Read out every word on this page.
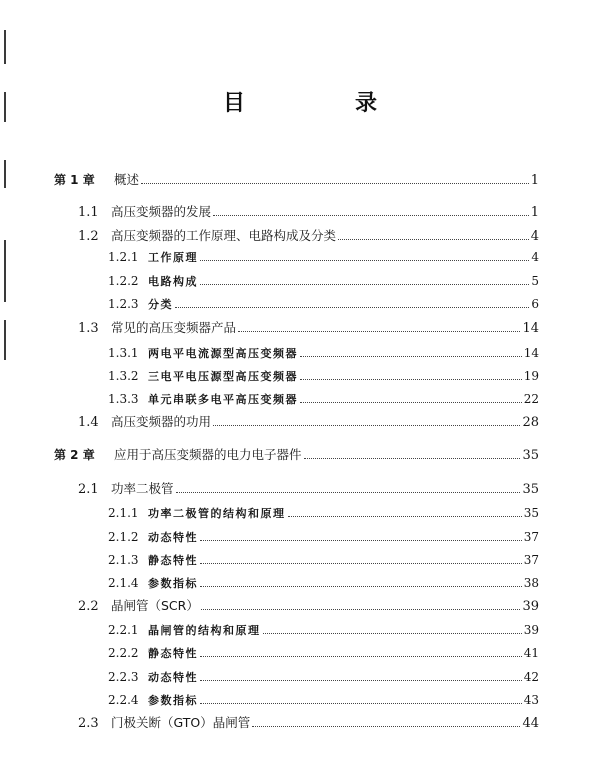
目　录
第 1 章	概述	1
1.1 高压变频器的发展	1
1.2 高压变频器的工作原理、电路构成及分类	4
1.2.1 工作原理	4
1.2.2 电路构成	5
1.2.3 分类	6
1.3 常见的高压变频器产品	14
1.3.1 两电平电流源型高压变频器	14
1.3.2 三电平电压源型高压变频器	19
1.3.3 单元串联多电平高压变频器	22
1.4 高压变频器的功用	28
第 2 章	应用于高压变频器的电力电子器件	35
2.1 功率二极管	35
2.1.1 功率二极管的结构和原理	35
2.1.2 动态特性	37
2.1.3 静态特性	37
2.1.4 参数指标	38
2.2 晶闸管（SCR）	39
2.2.1 晶闸管的结构和原理	39
2.2.2 静态特性	41
2.2.3 动态特性	42
2.2.4 参数指标	43
2.3 门极关断（GTO）晶闸管	44
